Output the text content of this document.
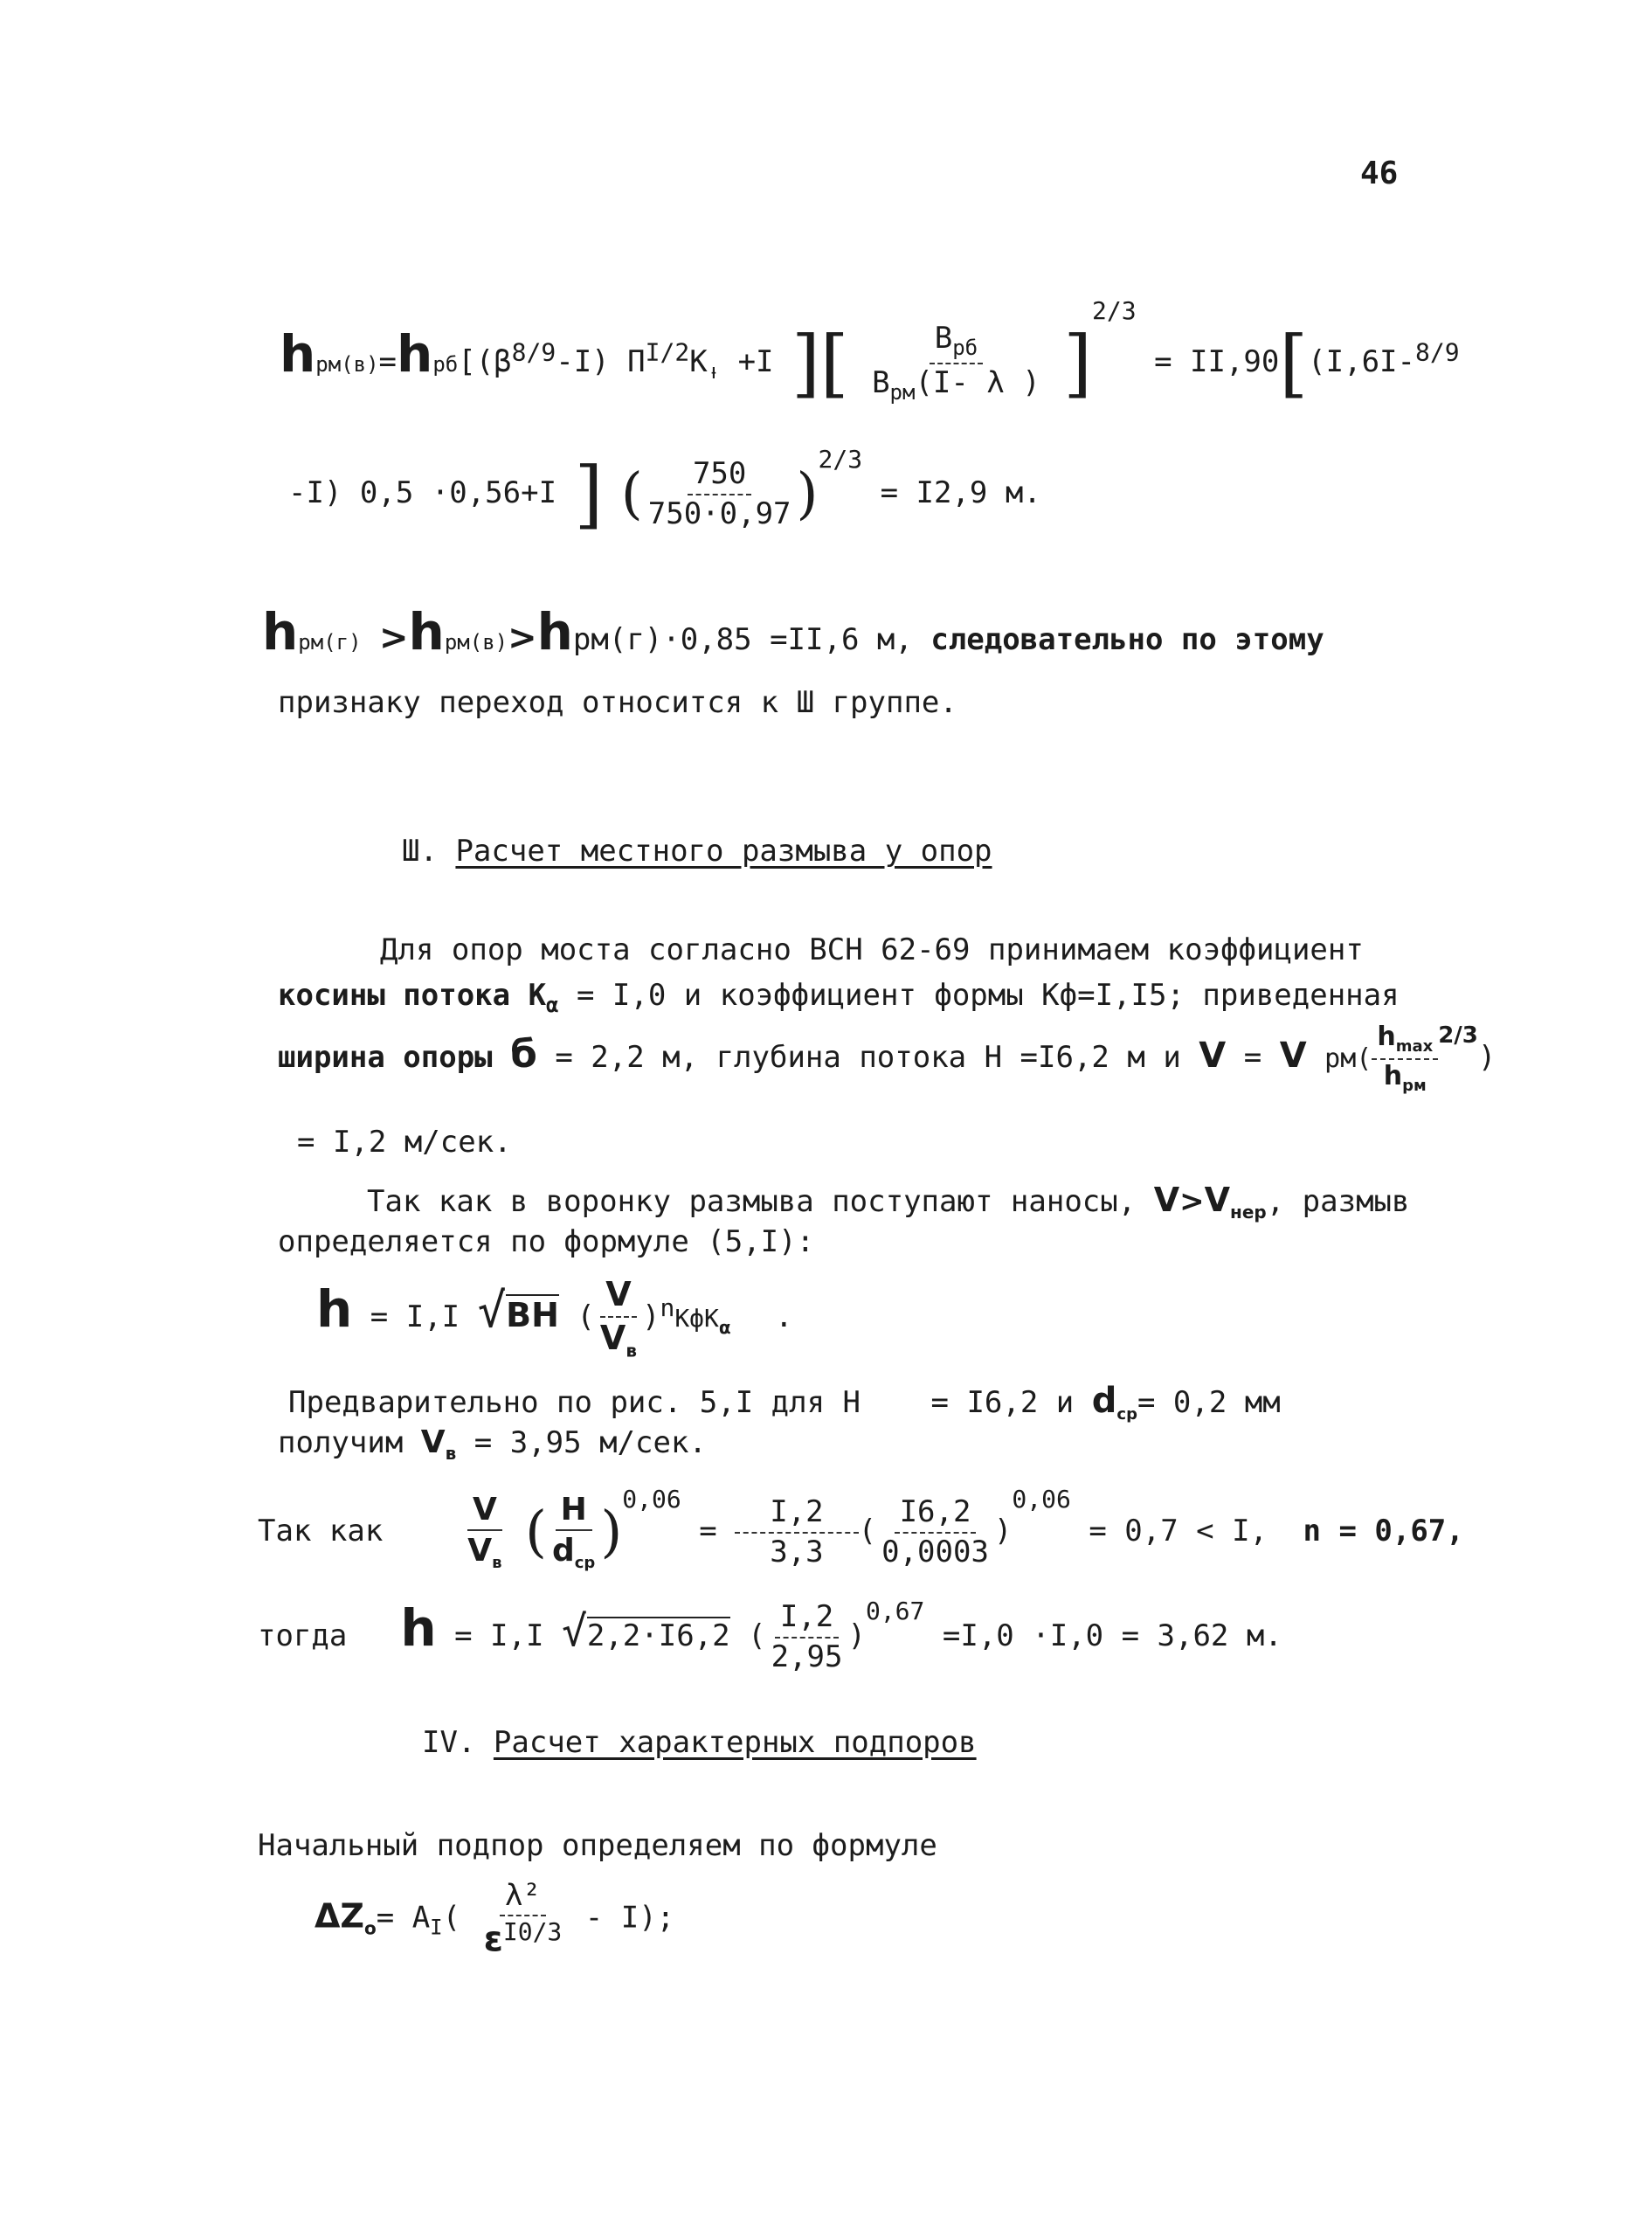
46
$hрм(в)=hрб[(\beta^{8/9}-I)$ $П^{I/2}K_ᵼ +I$ ][ $\frac{B_{рб}}{B_{рм}(I- \lambda )} ]^{2/3} = II,90[(I,6I-^{8/9}$
-I) 0,5 ·0,56+I ] ( $\frac{750}{750\cdot 0,97} )^{2/3} = I2,9$ м.
hрм(г) >hрм(в)>hрм(г)·0,85 =II,6 м, следовательно по этому
признаку переход относится к Ш группе.
Ш. Расчет местного размыва у опор
Для опор моста согласно ВСН 62-69 принимаем коэффициент
косины потока $K_\alpha = I,0$ и коэффициент формы Кф=I,I5; приведенная
ширина опоры б = 2,2 м, глубина потока H =I6,2 м и V = V $рм( \frac{h_{max}}{h_{рм}} ^{2/3})$
= I,2 м/сек.
Так как в воронку размыва поступают наносы, $V>V_{неp}$, размыв
определяется по формуле (5,I):
h = I,I √BH ( $\frac{V}{V_в} )^nКфK_\alpha$ .
Предварительно по рис. 5,I для H = I6,2 и $d_{ср}= 0,2$ мм
получим $V_в = 3,95$ м/сек.
Так как	$\frac{V}{V_в}$ ( $\frac{H}{d_{ср}} )^{0,06} = \frac{I,2}{3,3}$ ( $\frac{I6,2}{0,0003} )^{0,06} = 0,7 < I$, n = 0,67,
тогда h = I,I √2,2·I6,2 ( $\frac{I,2}{2,95} )^{0,67} =I,0 \cdot I,0 = 3,62$ м.
IV. Расчет характерных подпоров
Начальный подпор определяем по формуле
$\Delta Z_о= A_I( \frac{\text{λ²}}{\varepsilon^{I0/3}} - I)$;
